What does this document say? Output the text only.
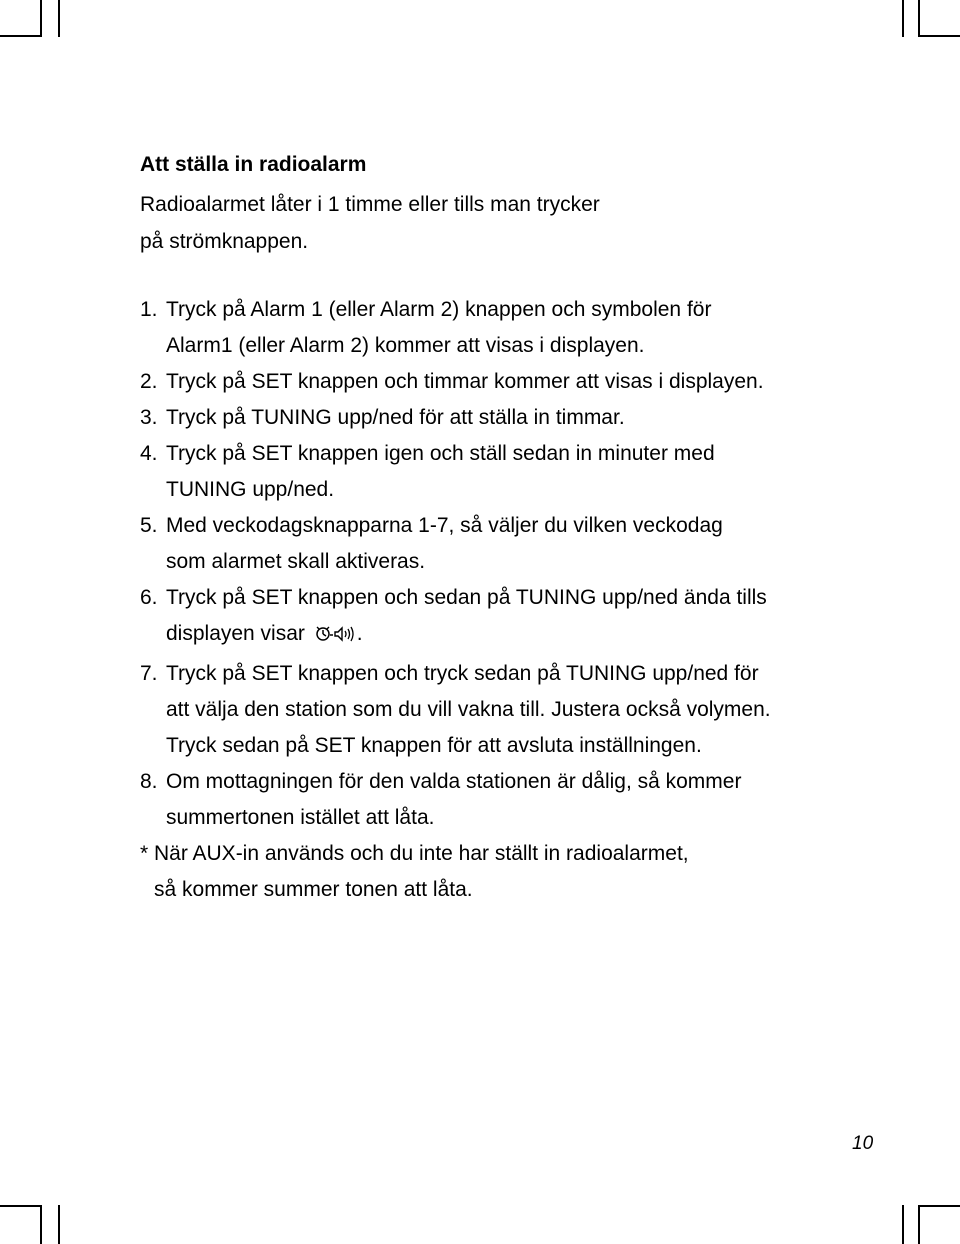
Att ställa in radioalarm

Radioalarmet låter i 1 timme eller tills man trycker

på strömknappen.

1. Tryck på Alarm 1 (eller Alarm 2) knappen och symbolen för
Alarm1 (eller Alarm 2) kommer att visas i displayen.
2. Tryck på SET knappen och timmar kommer att visas i displayen.
3. Tryck på TUNING upp/ned för att ställa in timmar.
4. Tryck på SET knappen igen och ställ sedan in minuter med
TUNING upp/ned.
5. Med veckodagsknapparna 1-7, så väljer du vilken veckodag
som alarmet skall aktiveras.
6. Tryck på SET knappen och sedan på TUNING upp/ned ända tills
displayen visar .
7. Tryck på SET knappen och tryck sedan på TUNING upp/ned för
att välja den station som du vill vakna till. Justera också volymen.
Tryck sedan på SET knappen för att avsluta inställningen.
8. Om mottagningen för den valda stationen är dålig, så kommer
summertonen istället att låta.
* När AUX-in används och du inte har ställt in radioalarmet,
så kommer summer tonen att låta.
10
